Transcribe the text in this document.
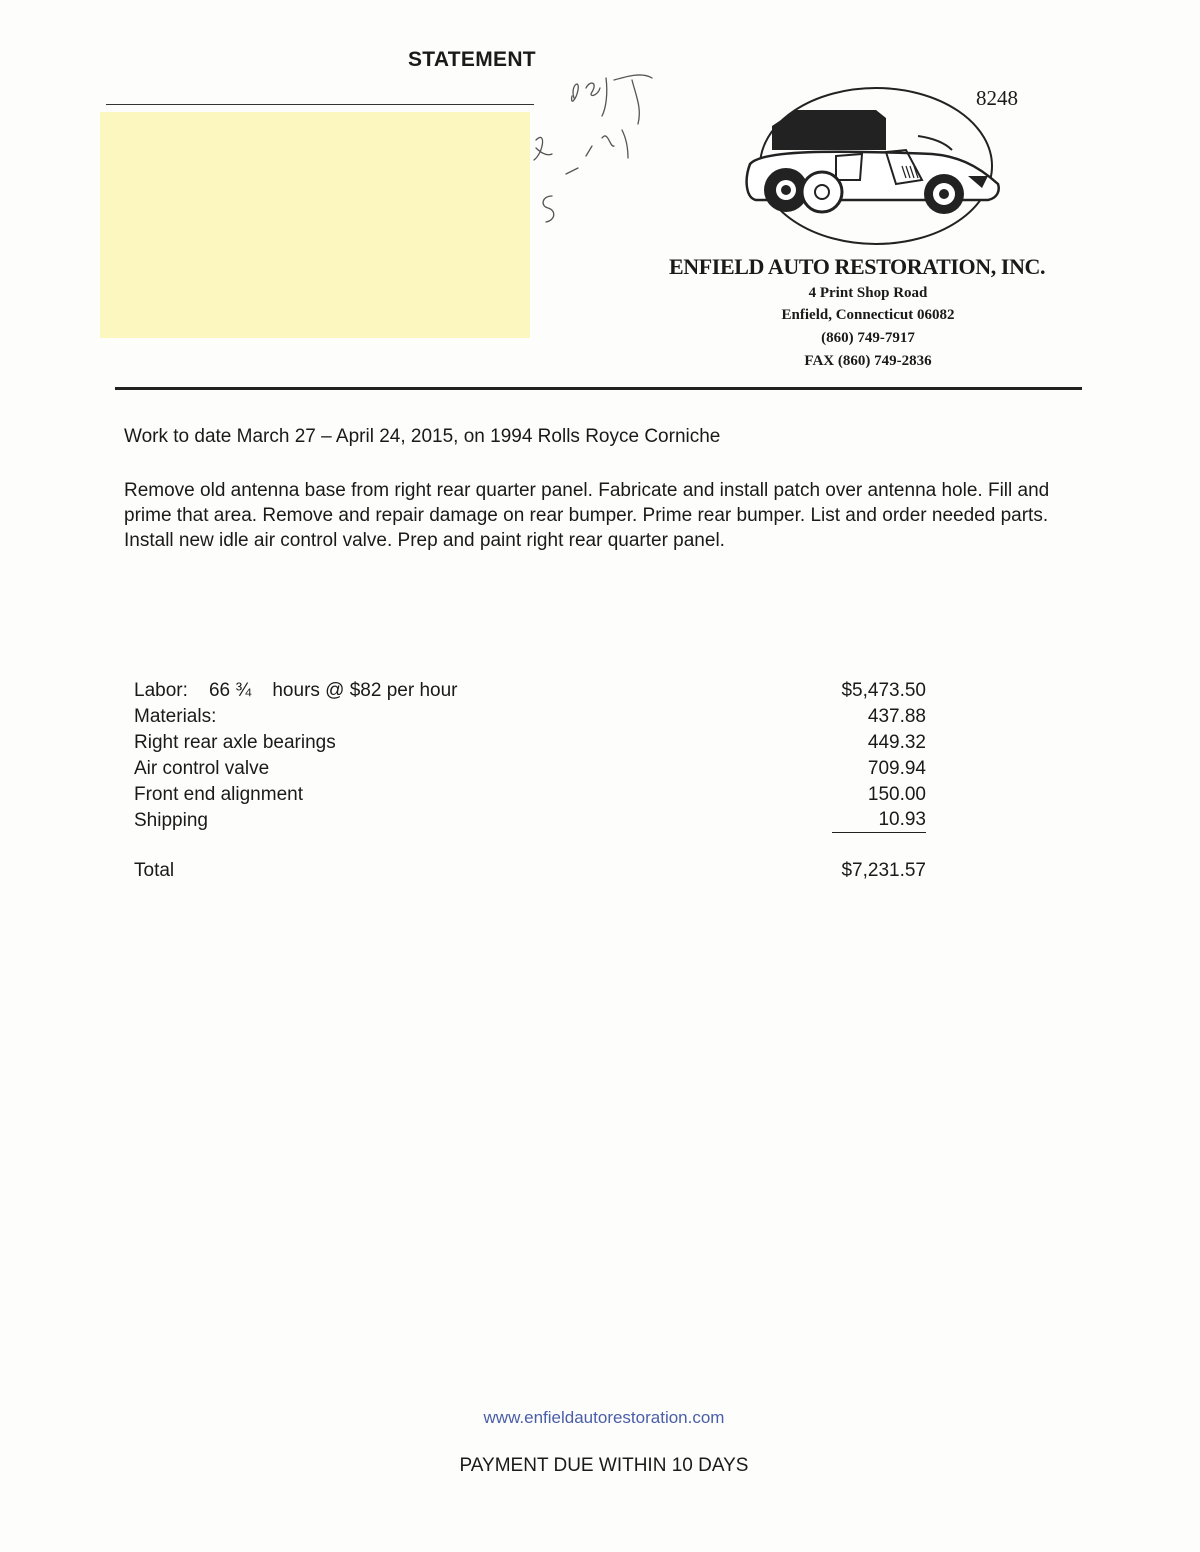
STATEMENT
8248
ENFIELD AUTO RESTORATION, INC.
4 Print Shop Road
Enfield, Connecticut 06082
(860) 749-7917
FAX (860) 749-2836
Work to date March 27 – April 24, 2015, on 1994 Rolls Royce Corniche
Remove old antenna base from right rear quarter panel. Fabricate and install patch over antenna hole. Fill and prime that area. Remove and repair damage on rear bumper. Prime rear bumper. List and order needed parts. Install new idle air control valve. Prep and paint right rear quarter panel.
Labor:    66 ¾    hours @ $82 per hour	$5,473.50
Materials:	437.88
Right rear axle bearings	449.32
Air control valve	709.94
Front end alignment	150.00
Shipping	10.93
Total	$7,231.57
www.enfieldautorestoration.com
PAYMENT DUE WITHIN 10 DAYS
